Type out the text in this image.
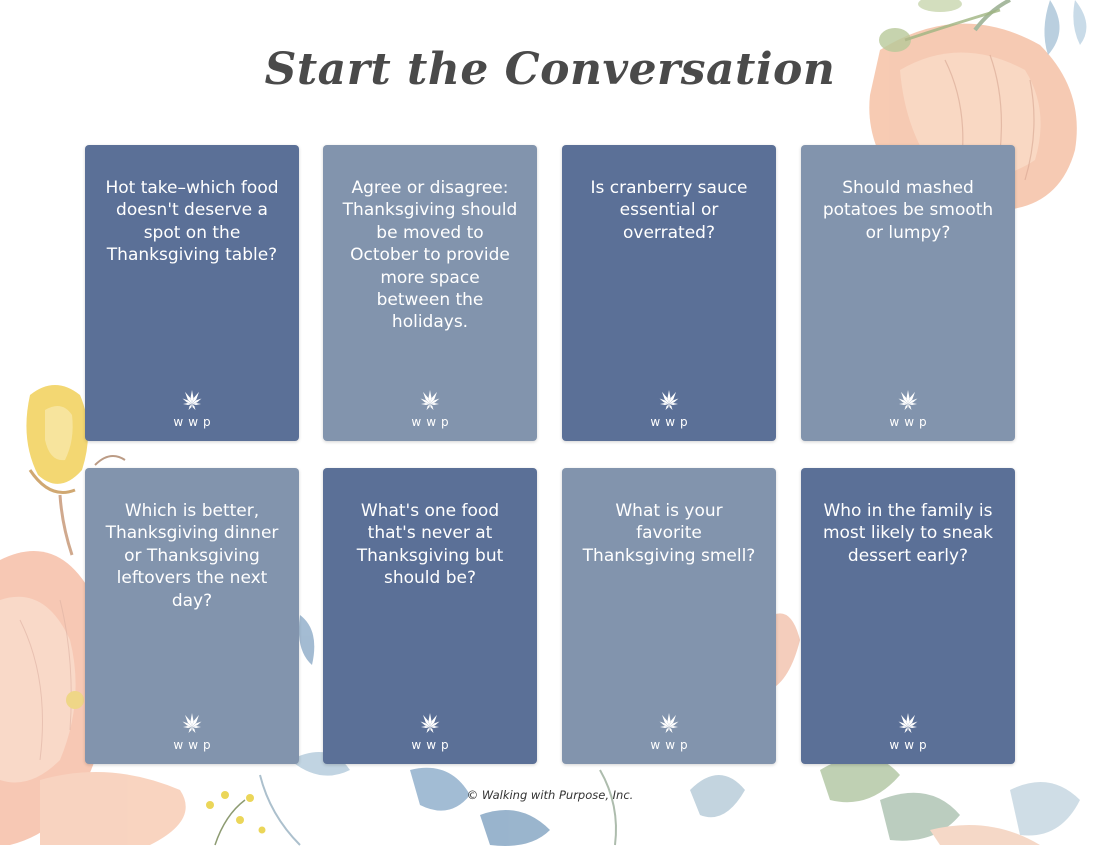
Start the Conversation

Hot take–which food doesn't deserve a spot on the Thanksgiving table?

wwp

Agree or disagree: Thanksgiving should be moved to October to provide more space between the holidays.

wwp

Is cranberry sauce essential or overrated?

wwp

Should mashed potatoes be smooth or lumpy?

wwp

Which is better, Thanksgiving dinner or Thanksgiving leftovers the next day?

wwp

What's one food that's never at Thanksgiving but should be?

wwp

What is your favorite Thanksgiving smell?

wwp

Who in the family is most likely to sneak dessert early?

wwp
© Walking with Purpose, Inc.
